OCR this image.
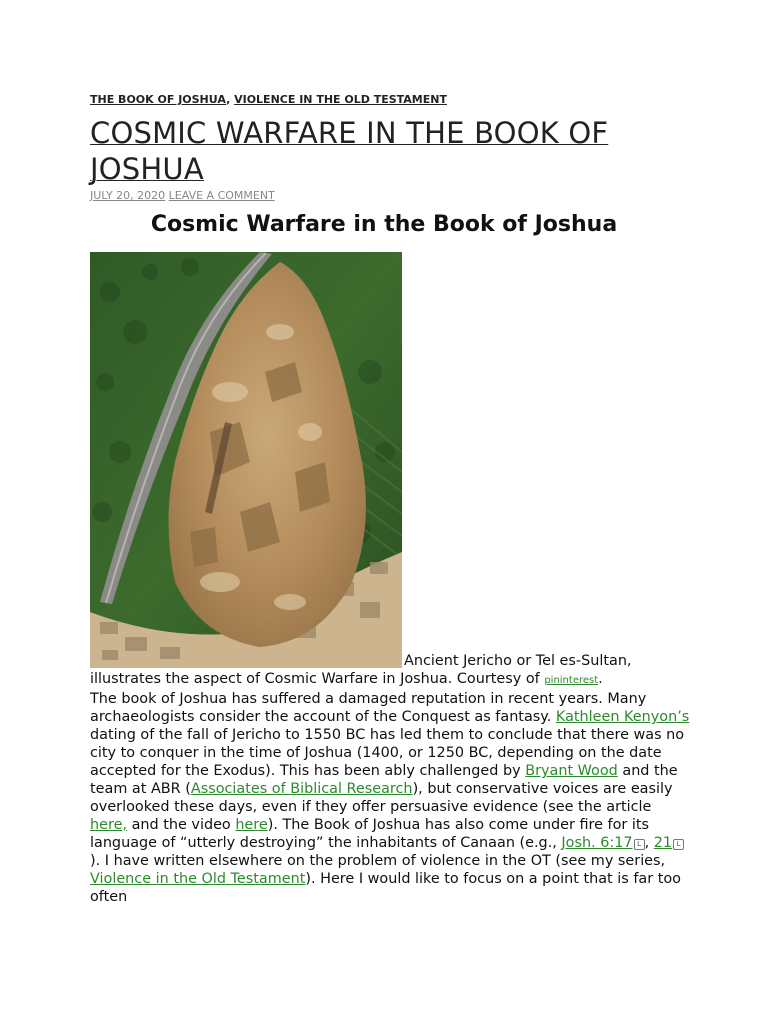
THE BOOK OF JOSHUA, VIOLENCE IN THE OLD TESTAMENT
COSMIC WARFARE IN THE BOOK OF JOSHUA
JULY 20, 2020 LEAVE A COMMENT
Cosmic Warfare in the Book of Joshua

Ancient Jericho or Tel es-Sultan, illustrates the aspect of Cosmic Warfare in Joshua. Courtesy of pininterest.

The book of Joshua has suffered a damaged reputation in recent years. Many archaeologists consider the account of the Conquest as fantasy. Kathleen Kenyon’s dating of the fall of Jericho to 1550 BC has led them to conclude that there was no city to conquer in the time of Joshua (1400, or 1250 BC, depending on the date accepted for the Exodus). This has been ably challenged by Bryant Wood and the team at ABR (Associates of Biblical Research), but conservative voices are easily overlooked these days, even if they offer persuasive evidence (see the article here, and the video here). The Book of Joshua has also come under fire for its language of “utterly destroying” the inhabitants of Canaan (e.g., Josh. 6:17 L , 21 L). I have written elsewhere on the problem of violence in the OT (see my series, Violence in the Old Testament). Here I would like to focus on a point that is far too often
